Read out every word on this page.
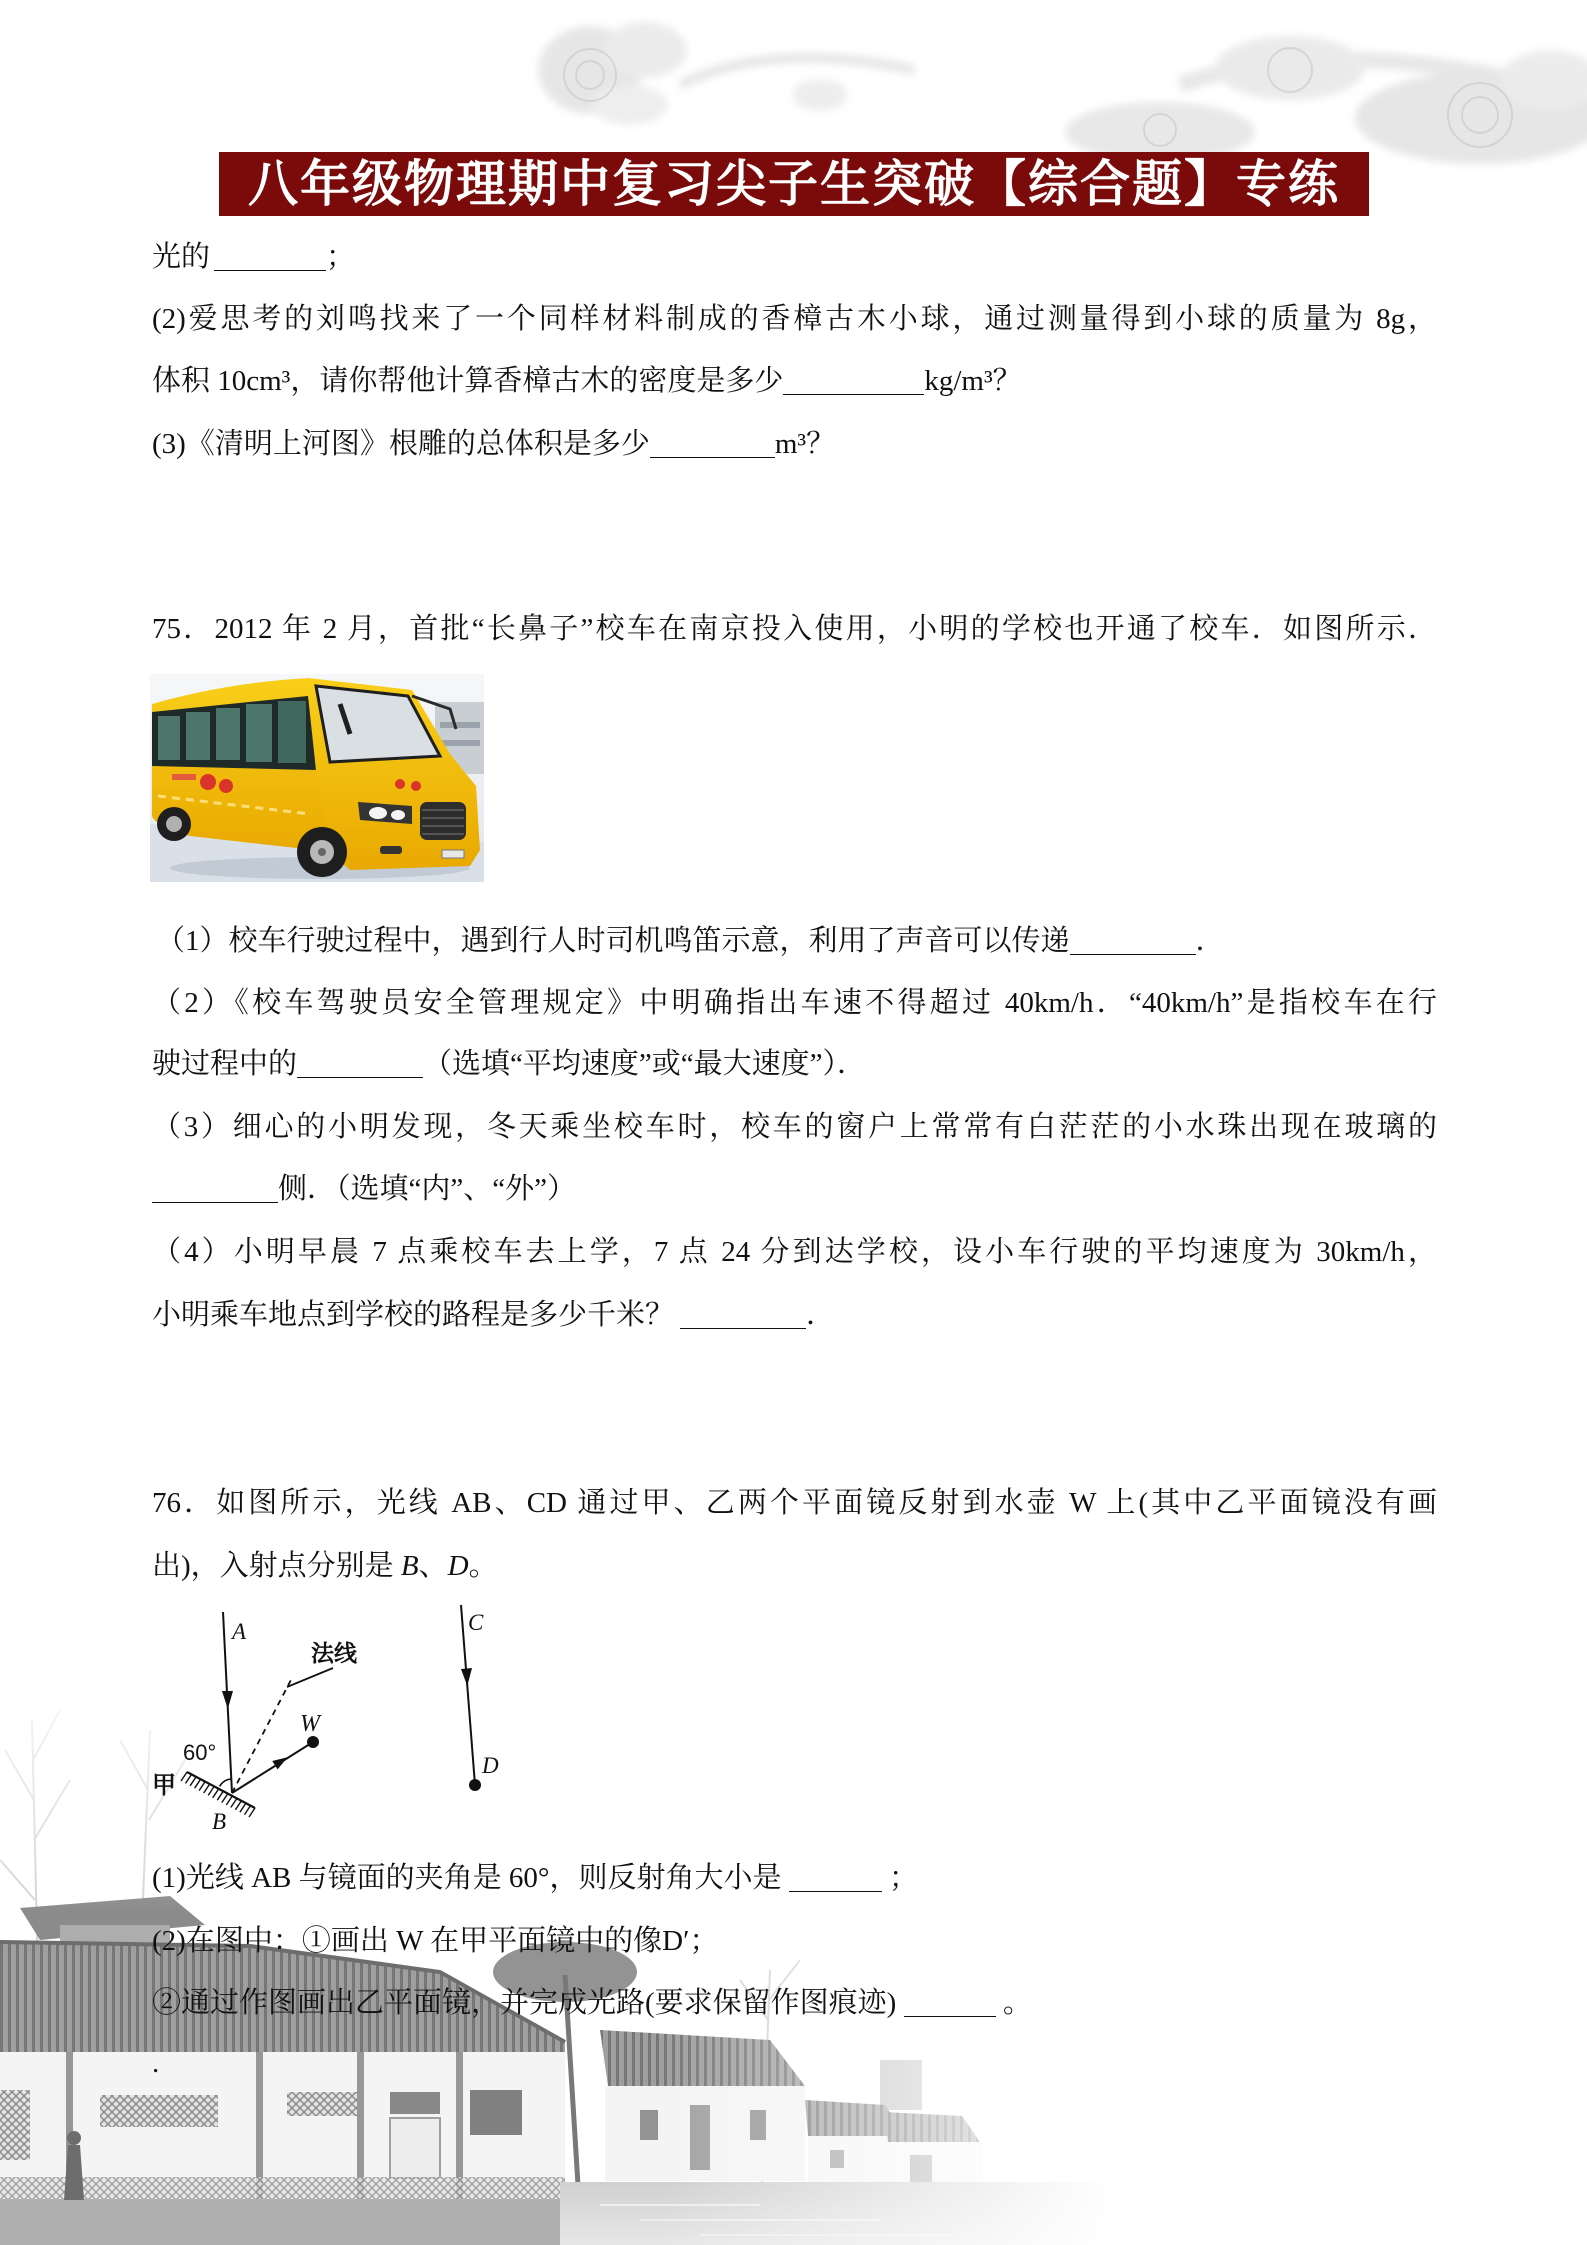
八年级物理期中复习尖子生突破【综合题】专练
光的	；
(2)爱思考的刘鸣找来了一个同样材料制成的香樟古木小球，通过测量得到小球的质量为 8g，
体积 10cm³，请你帮他计算香樟古木的密度是多少	kg/m³？
(3)《清明上河图》根雕的总体积是多少	m³？
75．2012 年 2 月，首批“长鼻子”校车在南京投入使用，小明的学校也开通了校车．如图所示．
（1）校车行驶过程中，遇到行人时司机鸣笛示意，利用了声音可以传递	．
（2）《校车驾驶员安全管理规定》中明确指出车速不得超过 40km/h．“40km/h”是指校车在行
驶过程中的	（选填“平均速度”或“最大速度”）．
（3）细心的小明发现，冬天乘坐校车时，校车的窗户上常常有白茫茫的小水珠出现在玻璃的
侧．（选填“内”、“外”）
（4）小明早晨 7 点乘校车去上学，7 点 24 分到达学校，设小车行驶的平均速度为 30km/h，
小明乘车地点到学校的路程是多少千米？	．
76．如图所示，光线 AB、CD 通过甲、乙两个平面镜反射到水壶 W 上(其中乙平面镜没有画
出)，入射点分别是 B、D。
A
法线
W
60°
甲
B
C
D
(1)光线 AB 与镜面的夹角是 60°，则反射角大小是	；
(2)在图中：①画出 W 在甲平面镜中的像D′；
②通过作图画出乙平面镜，并完成光路(要求保留作图痕迹)	。
.
